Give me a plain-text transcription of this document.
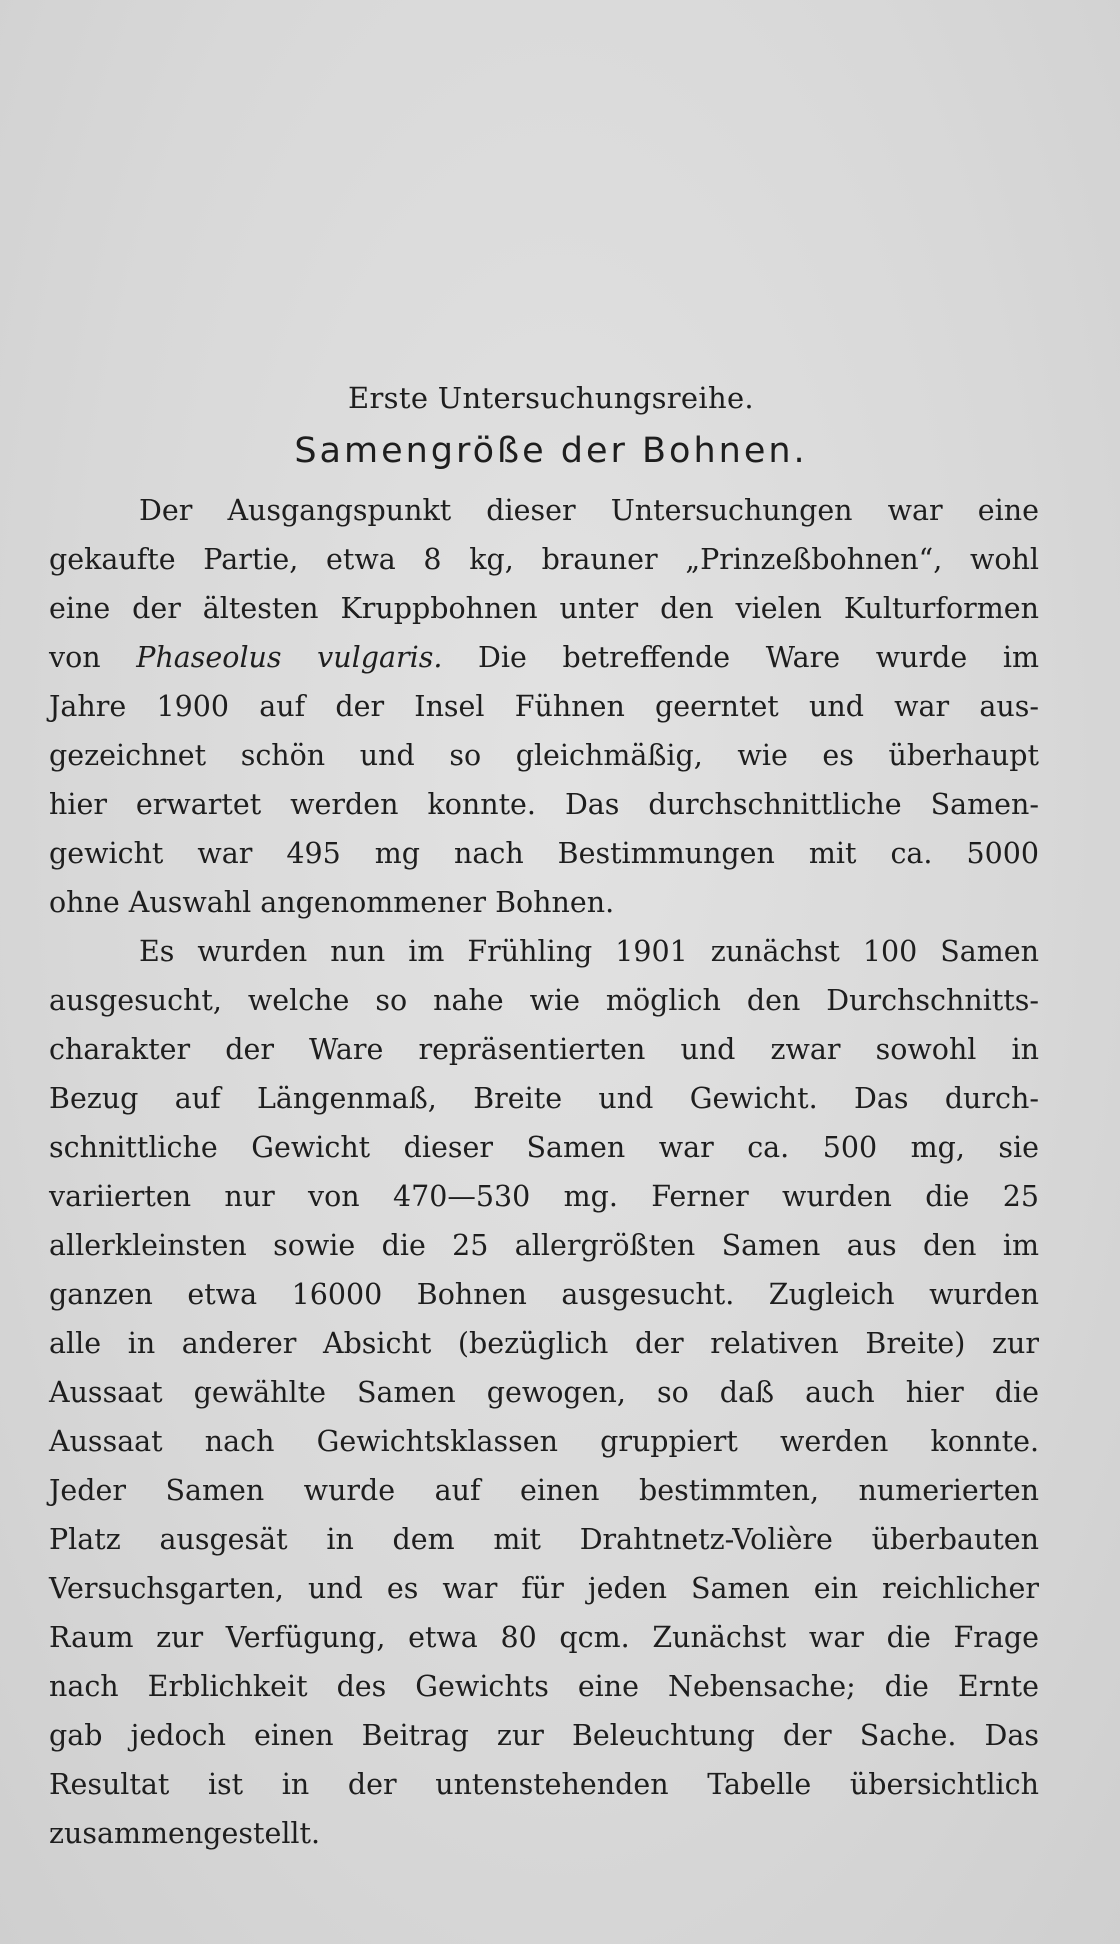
Erste Untersuchungsreihe.
Samengröße der Bohnen.
Der Ausgangspunkt dieser Untersuchungen war eine
gekaufte Partie, etwa 8 kg, brauner „Prinzeßbohnen“, wohl
eine der ältesten Kruppbohnen unter den vielen Kulturformen
von Phaseolus vulgaris. Die betreffende Ware wurde im
Jahre 1900 auf der Insel Fühnen geerntet und war aus-
gezeichnet schön und so gleichmäßig, wie es überhaupt
hier erwartet werden konnte. Das durchschnittliche Samen-
gewicht war 495 mg nach Bestimmungen mit ca. 5000
ohne Auswahl angenommener Bohnen.
Es wurden nun im Frühling 1901 zunächst 100 Samen
ausgesucht, welche so nahe wie möglich den Durchschnitts-
charakter der Ware repräsentierten und zwar sowohl in
Bezug auf Längenmaß, Breite und Gewicht. Das durch-
schnittliche Gewicht dieser Samen war ca. 500 mg, sie
variierten nur von 470—530 mg. Ferner wurden die 25
allerkleinsten sowie die 25 allergrößten Samen aus den im
ganzen etwa 16000 Bohnen ausgesucht. Zugleich wurden
alle in anderer Absicht (bezüglich der relativen Breite) zur
Aussaat gewählte Samen gewogen, so daß auch hier die
Aussaat nach Gewichtsklassen gruppiert werden konnte.
Jeder Samen wurde auf einen bestimmten, numerierten
Platz ausgesät in dem mit Drahtnetz-Volière überbauten
Versuchsgarten, und es war für jeden Samen ein reichlicher
Raum zur Verfügung, etwa 80 qcm. Zunächst war die Frage
nach Erblichkeit des Gewichts eine Nebensache; die Ernte
gab jedoch einen Beitrag zur Beleuchtung der Sache. Das
Resultat ist in der untenstehenden Tabelle übersichtlich
zusammengestellt.
